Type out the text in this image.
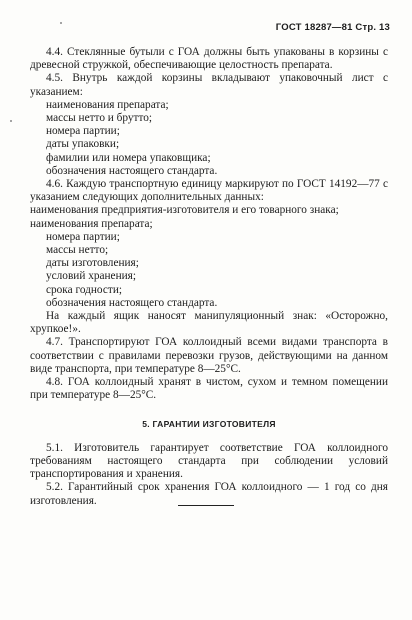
ГОСТ 18287—81 Стр. 13

4.4. Стеклянные бутыли с ГОА должны быть упакованы в корзины с древесной стружкой, обеспечивающие целостность препарата.

4.5. Внутрь каждой корзины вкладывают упаковочный лист с указанием:

наименования препарата;

массы нетто и брутто;

номера партии;

даты упаковки;

фамилии или номера упаковщика;

обозначения настоящего стандарта.

4.6. Каждую транспортную единицу маркируют по ГОСТ 14192—77 с указанием следующих дополнительных данных:

наименования предприятия-изготовителя и его товарного знака;

наименования препарата;

номера партии;

массы нетто;

даты изготовления;

условий хранения;

срока годности;

обозначения настоящего стандарта.

На каждый ящик наносят манипуляционный знак: «Осторожно, хрупкое!».

4.7. Транспортируют ГОА коллоидный всеми видами транспорта в соответствии с правилами перевозки грузов, действующими на данном виде транспорта, при температуре 8—25°С.

4.8. ГОА коллоидный хранят в чистом, сухом и темном помещении при температуре 8—25°С.

5. ГАРАНТИИ ИЗГОТОВИТЕЛЯ

5.1. Изготовитель гарантирует соответствие ГОА коллоидного требованиям настоящего стандарта при соблюдении условий транспортирования и хранения.

5.2. Гарантийный срок хранения ГОА коллоидного — 1 год со дня изготовления.
